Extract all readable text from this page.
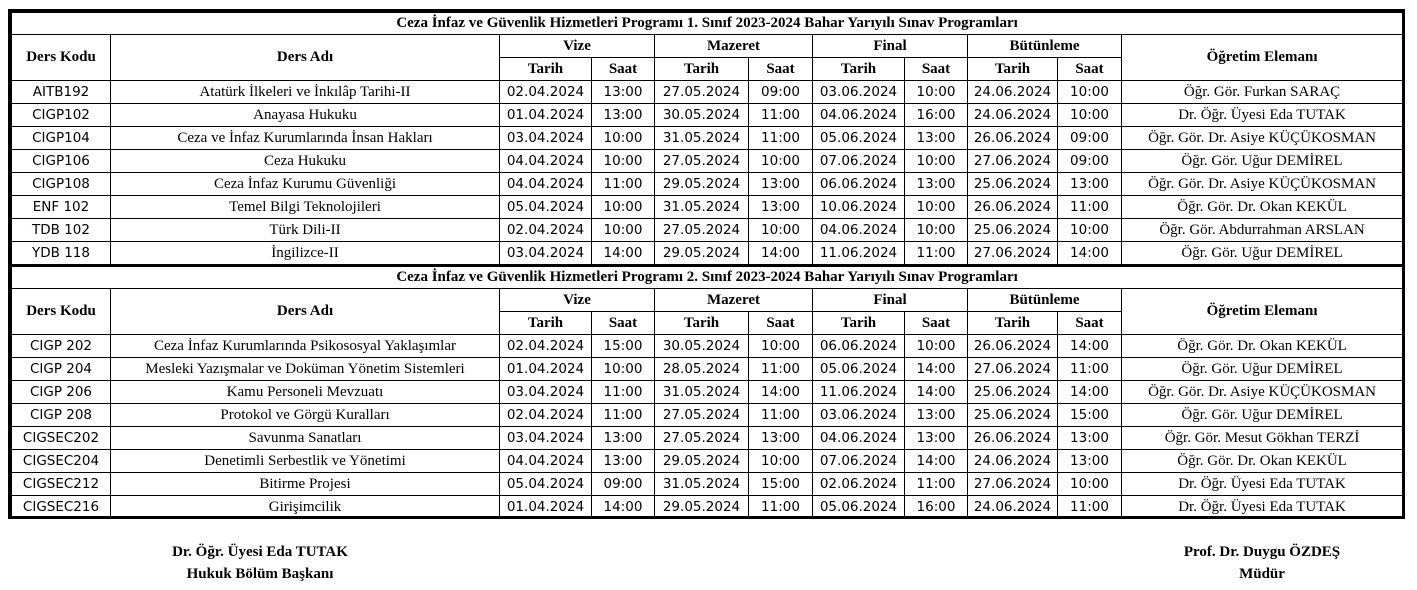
Ceza İnfaz ve Güvenlik Hizmetleri Programı 1. Sınıf 2023-2024 Bahar Yarıyılı Sınav Programları										
Ders Kodu	Ders Adı	Vize		Mazeret		Final		Bütünleme		Öğretim Elemanı
		Tarih	Saat	Tarih	Saat	Tarih	Saat	Tarih	Saat	
AITB192	Atatürk İlkeleri ve İnkılâp Tarihi-II	02.04.2024	13:00	27.05.2024	09:00	03.06.2024	10:00	24.06.2024	10:00	Öğr. Gör. Furkan SARAÇ
CIGP102	Anayasa Hukuku	01.04.2024	13:00	30.05.2024	11:00	04.06.2024	16:00	24.06.2024	10:00	Dr. Öğr. Üyesi Eda TUTAK
CIGP104	Ceza ve İnfaz Kurumlarında İnsan Hakları	03.04.2024	10:00	31.05.2024	11:00	05.06.2024	13:00	26.06.2024	09:00	Öğr. Gör. Dr. Asiye KÜÇÜKOSMAN
CIGP106	Ceza Hukuku	04.04.2024	10:00	27.05.2024	10:00	07.06.2024	10:00	27.06.2024	09:00	Öğr. Gör. Uğur DEMİREL
CIGP108	Ceza İnfaz Kurumu Güvenliği	04.04.2024	11:00	29.05.2024	13:00	06.06.2024	13:00	25.06.2024	13:00	Öğr. Gör. Dr. Asiye KÜÇÜKOSMAN
ENF 102	Temel Bilgi Teknolojileri	05.04.2024	10:00	31.05.2024	13:00	10.06.2024	10:00	26.06.2024	11:00	Öğr. Gör. Dr. Okan KEKÜL
TDB 102	Türk Dili-II	02.04.2024	10:00	27.05.2024	10:00	04.06.2024	10:00	25.06.2024	10:00	Öğr. Gör. Abdurrahman ARSLAN
YDB 118	İngilizce-II	03.04.2024	14:00	29.05.2024	14:00	11.06.2024	11:00	27.06.2024	14:00	Öğr. Gör. Uğur DEMİREL
Ceza İnfaz ve Güvenlik Hizmetleri Programı 2. Sınıf 2023-2024 Bahar Yarıyılı Sınav Programları										
Ders Kodu	Ders Adı	Vize		Mazeret		Final		Bütünleme		Öğretim Elemanı
		Tarih	Saat	Tarih	Saat	Tarih	Saat	Tarih	Saat	
CIGP 202	Ceza İnfaz Kurumlarında Psikososyal Yaklaşımlar	02.04.2024	15:00	30.05.2024	10:00	06.06.2024	10:00	26.06.2024	14:00	Öğr. Gör. Dr. Okan KEKÜL
CIGP 204	Mesleki Yazışmalar ve Doküman Yönetim Sistemleri	01.04.2024	10:00	28.05.2024	11:00	05.06.2024	14:00	27.06.2024	11:00	Öğr. Gör. Uğur DEMİREL
CIGP 206	Kamu Personeli Mevzuatı	03.04.2024	11:00	31.05.2024	14:00	11.06.2024	14:00	25.06.2024	14:00	Öğr. Gör. Dr. Asiye KÜÇÜKOSMAN
CIGP 208	Protokol ve Görgü Kuralları	02.04.2024	11:00	27.05.2024	11:00	03.06.2024	13:00	25.06.2024	15:00	Öğr. Gör. Uğur DEMİREL
CIGSEC202	Savunma Sanatları	03.04.2024	13:00	27.05.2024	13:00	04.06.2024	13:00	26.06.2024	13:00	Öğr. Gör. Mesut Gökhan TERZİ
CIGSEC204	Denetimli Serbestlik ve Yönetimi	04.04.2024	13:00	29.05.2024	10:00	07.06.2024	14:00	24.06.2024	13:00	Öğr. Gör. Dr. Okan KEKÜL
CIGSEC212	Bitirme Projesi	05.04.2024	09:00	31.05.2024	15:00	02.06.2024	11:00	27.06.2024	10:00	Dr. Öğr. Üyesi Eda TUTAK
CIGSEC216	Girişimcilik	01.04.2024	14:00	29.05.2024	11:00	05.06.2024	16:00	24.06.2024	11:00	Dr. Öğr. Üyesi Eda TUTAK
Dr. Öğr. Üyesi Eda TUTAK
Hukuk Bölüm Başkanı
Prof. Dr. Duygu ÖZDEŞ
Müdür
